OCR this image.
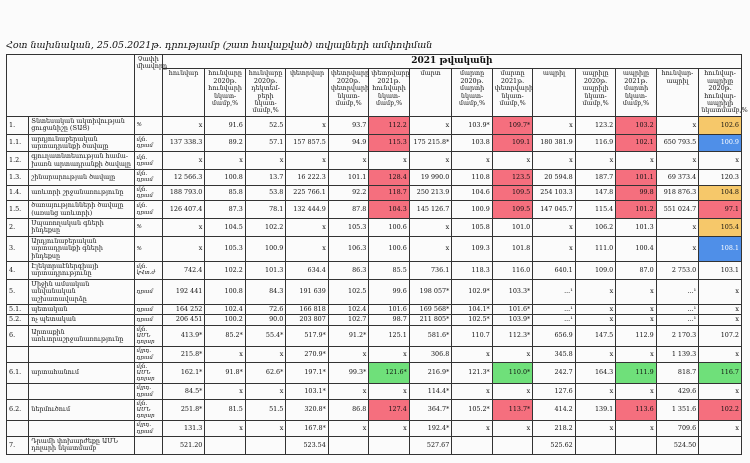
Հօտ նախնական, 25.05.2021թ. դրությամբ (շատ հավաքված) տվյալների ամփոփման
		Չափի միավորը	2021 թվականի													
			հունվար	հունվարը 2020թ. հունվարի նկատ-մամբ,%	հունվարը 2020թ. դեկտեմ-բերի նկատ-մամբ,%	փետրվար	փետրվարը 2020թ. փետրվարի նկատ-մամբ,%	փետրվարը 2021թ. հունվարի նկատ-մամբ,%	մարտ	մարտը 2020թ. մարտի նկատ-մամբ,%	մարտը 2021թ. փետրվարի նկատ-մամբ,%	ապրիլ	ապրիլը 2020թ. ապրիլի նկատ-մամբ,%	ապրիլը 2021թ. մարտի նկատ-մամբ,%	հունվար-ապրիլ	հունվար-ապրիլը 2020թ. հունվար-ապրիլի նկատմամբ,%
1.	Տնտեսական ակտիվության ցուցանիշը (ՏԱՑ)	%	x	91.6	52.5	x	93.7	112.2	x	103.9*	109.7*	x	123.2	103.2	x	102.6
1.1.	արդյունաբերական արտադրանքի ծավալը	մլն. դրամ	137 338.3	89.2	57.1	157 857.5	94.9	115.3	175 215.8*	103.8	109.1	180 381.9	116.9	102.1	650 793.5	100.9
1.2.	գյուղատնտեսության համա-խառն արտադրանքի ծավալը	մլն. դրամ	x	x	x	x	x	x	x	x	x	x	x	x	x	x
1.3.	շինարարության ծավալը	մլն. դրամ	12 566.3	100.8	13.7	16 222.3	101.1	128.4	19 990.0	110.8	123.5	20 594.8	187.7	101.1	69 373.4	120.3
1.4.	առևտրի շրջանառությունը	մլն. դրամ	188 793.0	85.8	53.8	225 766.1	92.2	118.7	250 213.9	104.6	109.5	254 103.3	147.8	99.8	918 876.3	104.8
1.5.	ծառայությունների ծավալը (առանց առևտրի)	մլն. դրամ	126 407.4	87.3	78.1	132 444.9	87.8	104.3	145 126.7	100.9	109.5	147 045.7	115.4	101.2	551 024.7	97.1
2.	Սպառողական գների ինդեքսը	%	x	104.5	102.2	x	105.3	100.6	x	105.8	101.0	x	106.2	101.3	x	105.4
3.	Արդյունաբերական արտադրանքի գների ինդեքսը	%	x	105.3	100.9	x	106.3	100.6	x	109.3	101.8	x	111.0	100.4	x	108.1
4.	Էլեկտրաէներգիայի արտադրությունը	մլն. կՎտ.ժ	742.4	102.2	101.3	634.4	86.3	85.5	736.1	118.3	116.0	640.1	109.0	87.0	2 753.0	103.1
5.	Միջին ամսական անվանական աշխատավարձը	դրամ	192 441	100.8	84.3	191 639	102.5	99.6	198 057*	102.9*	103.3*	...¹	x	x	...¹	x
5.1.	պետական	դրամ	164 252	102.4	72.6	166 818	102.4	101.6	169 568*	104.1*	101.6*	...¹	x	x	...¹	x
5.2.	ոչ պետական	դրամ	206 451	100.2	90.0	203 807	102.7	98.7	211 805*	102.5*	103.9*	...¹	x	x	...¹	x
6.	Արտաքին առևտրաշրջանառությունը	մլն. ԱՄՆ դոլար	413.9*	85.2*	55.4*	517.9*	91.2*	125.1	581.6*	110.7	112.3*	656.9	147.5	112.9	2 170.3	107.2
		մլրդ. դրամ	215.8*	x	x	270.9*	x	x	306.8	x	x	345.8	x	x	1 139.3	x
6.1.	արտահանում	մլն. ԱՄՆ դոլար	162.1*	91.8*	62.6*	197.1*	99.3*	121.6*	216.9*	121.3*	110.0*	242.7	164.3	111.9	818.7	116.7
		մլրդ. դրամ	84.5*	x	x	103.1*	x	x	114.4*	x	x	127.6	x	x	429.6	x
6.2.	ներմուծում	մլն. ԱՄՆ դոլար	251.8*	81.5	51.5	320.8*	86.8	127.4	364.7*	105.2*	113.7*	414.2	139.1	113.6	1 351.6	102.2
		մլրդ. դրամ	131.3	x	x	167.8*	x	x	192.4*	x	x	218.2	x	x	709.6	x
7.	Դրամի փոխարժեքը ԱՄՆ դոլարի նկատմամբ		521.20			523.54			527.67			525.62			524.50	
